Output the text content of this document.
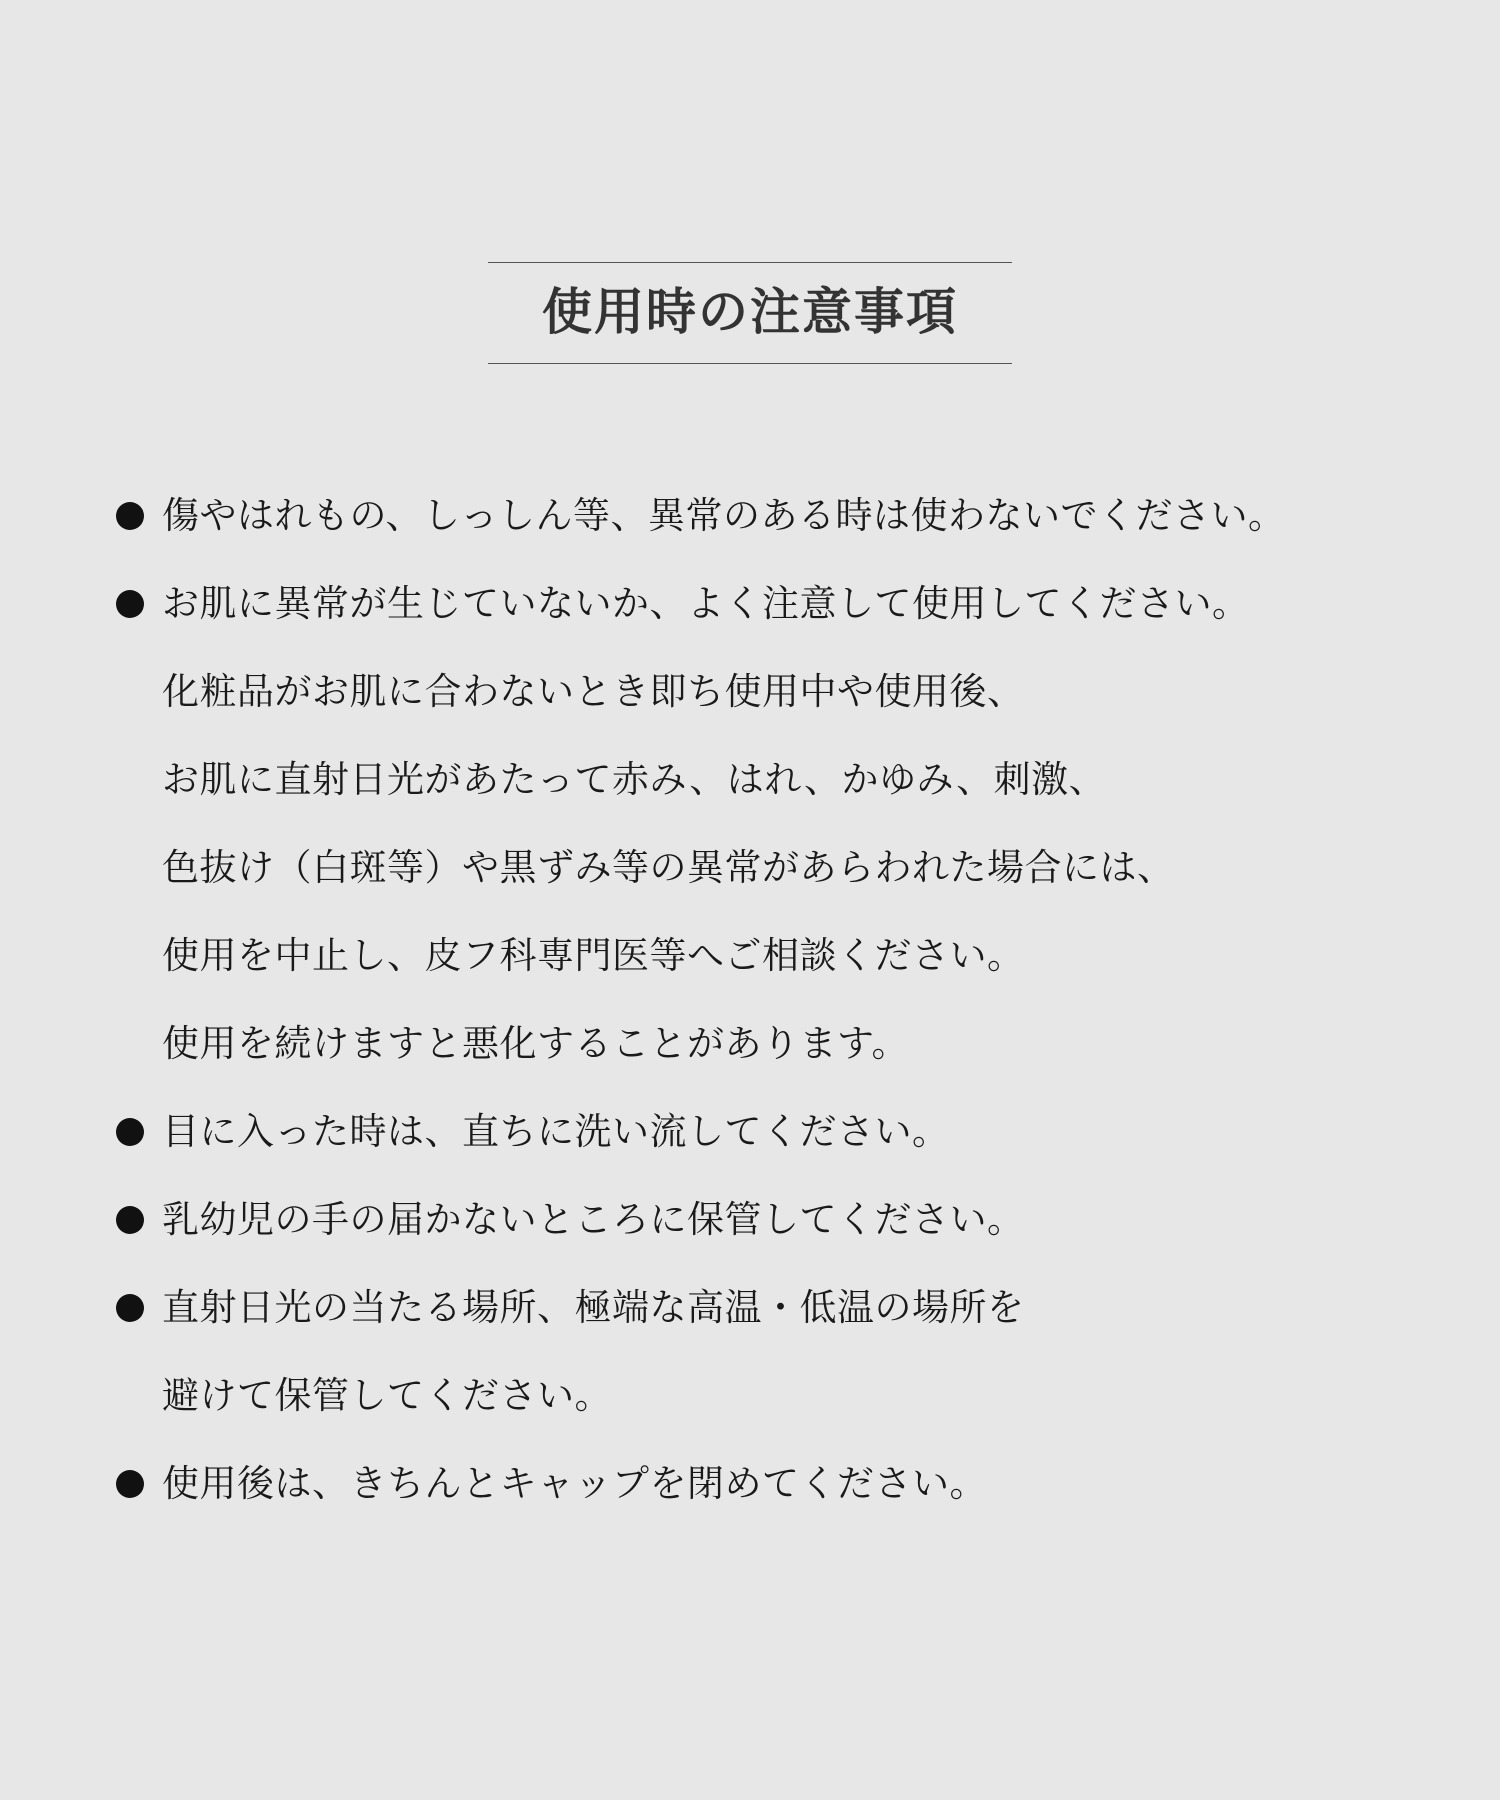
使用時の注意事項
傷やはれもの、しっしん等、異常のある時は使わないでください。
お肌に異常が生じていないか、よく注意して使用してください。
化粧品がお肌に合わないとき即ち使用中や使用後、
お肌に直射日光があたって赤み、はれ、かゆみ、刺激、
色抜け（白斑等）や黒ずみ等の異常があらわれた場合には、
使用を中止し、皮フ科専門医等へご相談ください。
使用を続けますと悪化することがあります。
目に入った時は、直ちに洗い流してください。
乳幼児の手の届かないところに保管してください。
直射日光の当たる場所、極端な高温・低温の場所を
避けて保管してください。
使用後は、きちんとキャップを閉めてください。
